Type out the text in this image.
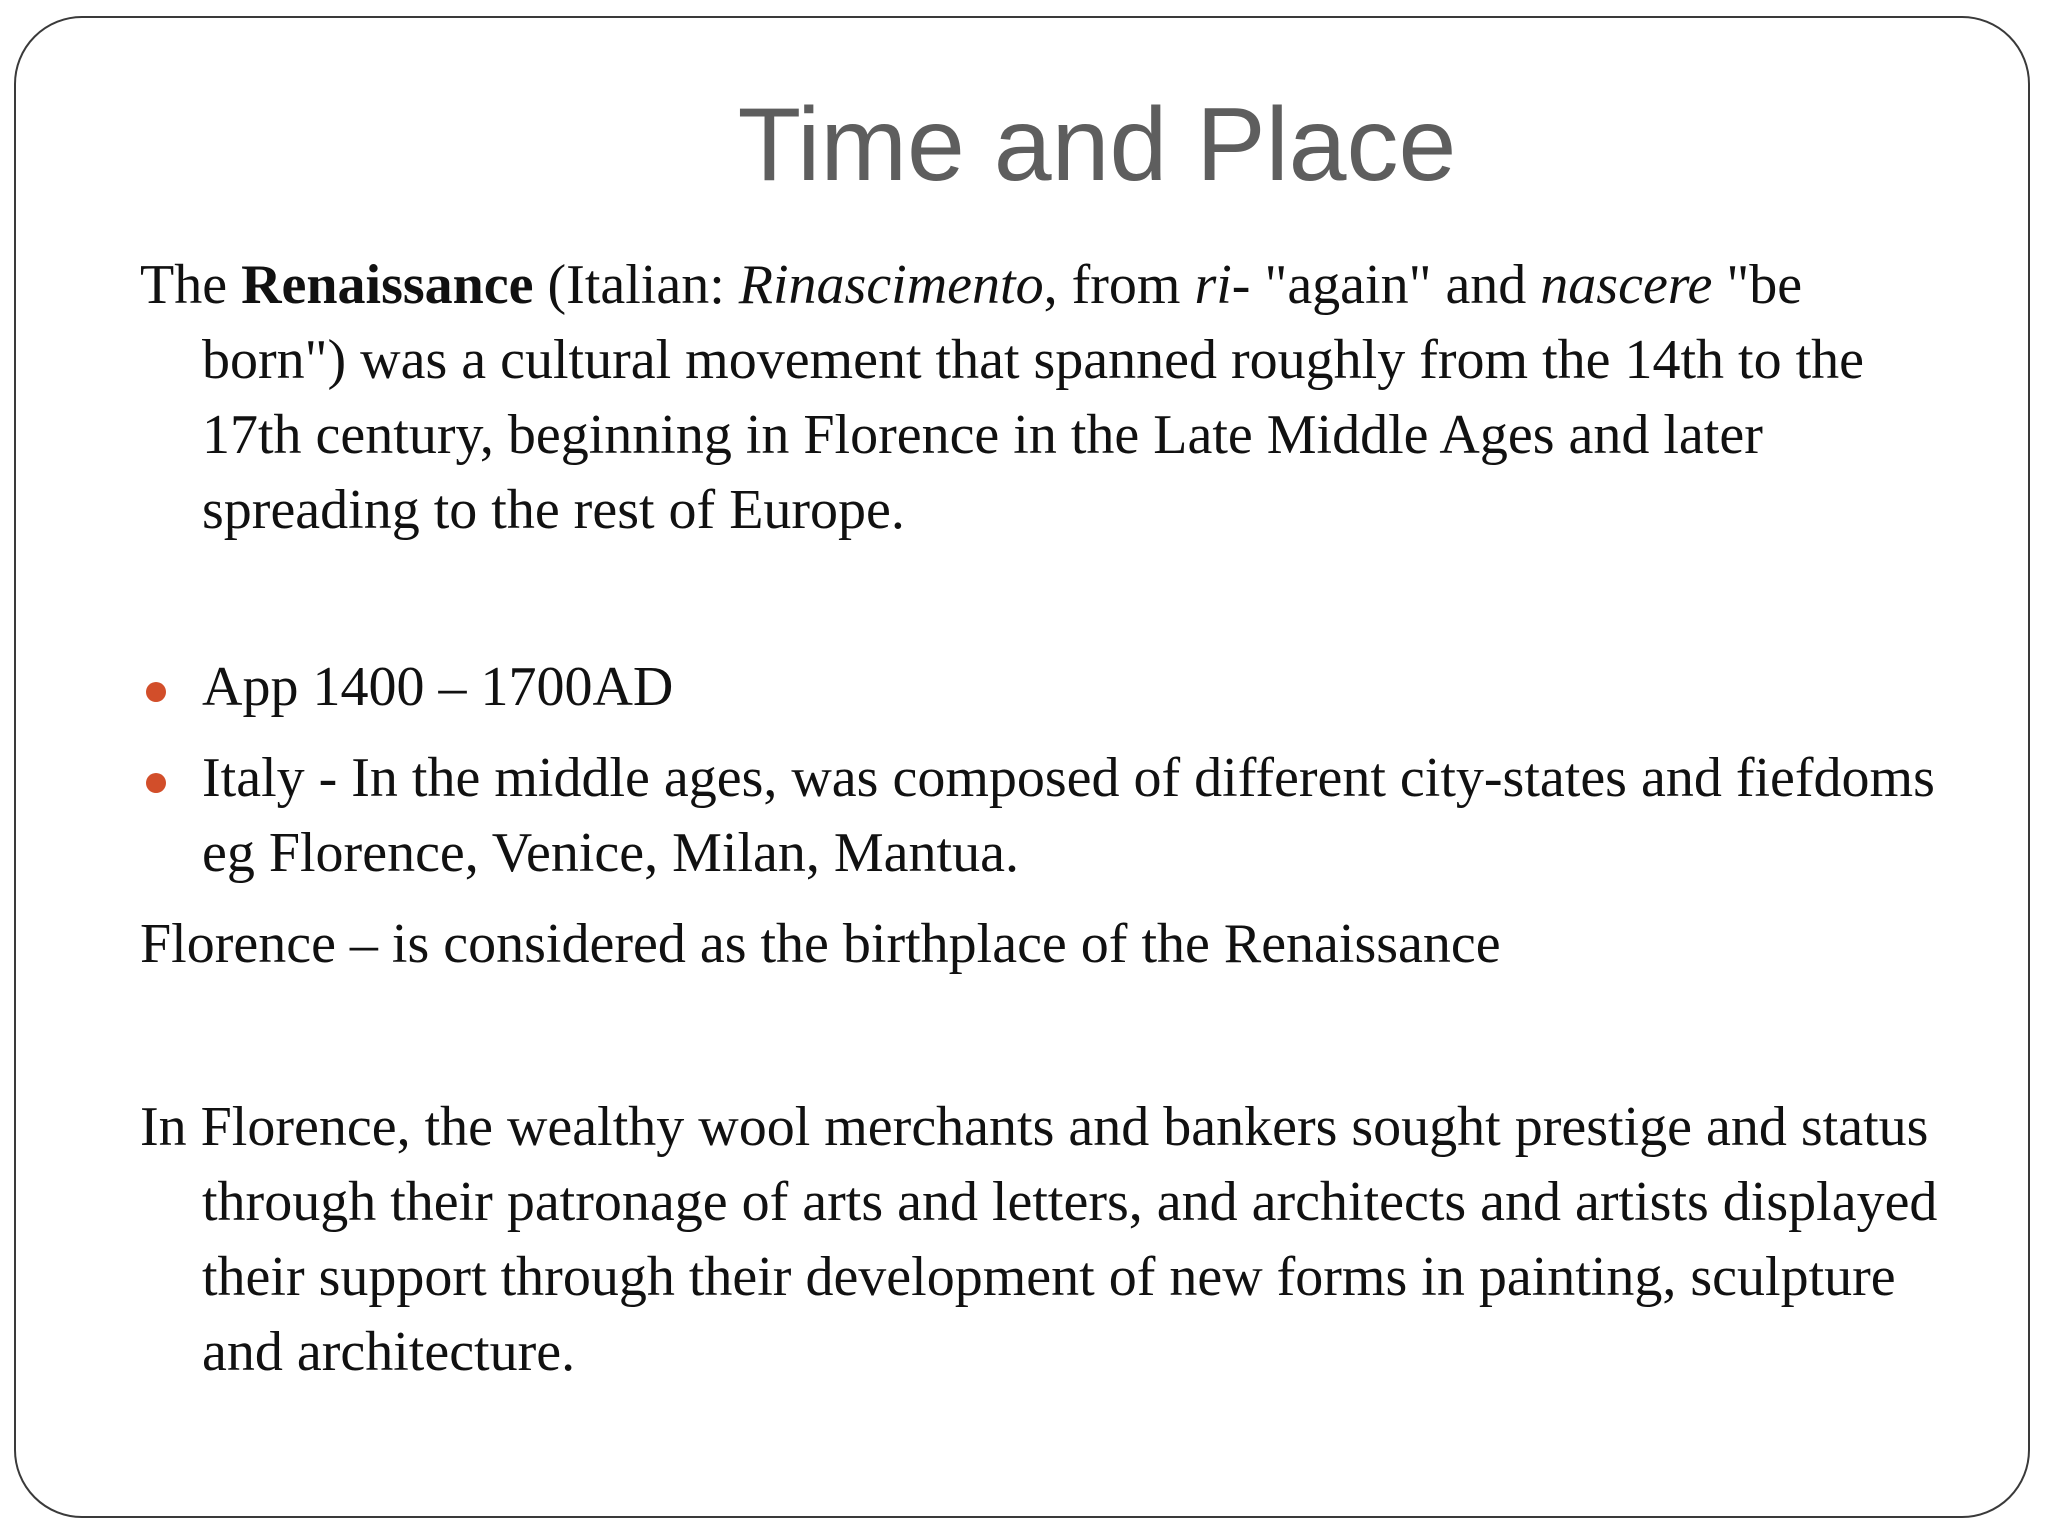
Time and Place

The Renaissance (Italian: Rinascimento, from ri- "again" and nascere "be born") was a cultural movement that spanned roughly from the 14th to the 17th century, beginning in Florence in the Late Middle Ages and later spreading to the rest of Europe.

App 1400 – 1700AD
Italy - In the middle ages, was composed of different city-states and fiefdoms eg Florence, Venice, Milan, Mantua.

Florence – is considered as the birthplace of the Renaissance

In Florence, the wealthy wool merchants and bankers sought prestige and status through their patronage of arts and letters, and architects and artists displayed their support through their development of new forms in painting, sculpture and architecture.
